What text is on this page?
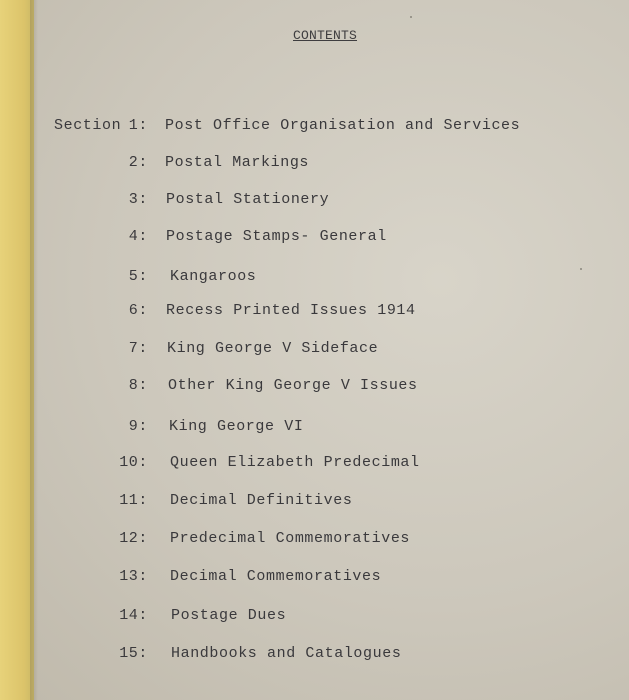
CONTENTS
Section 1: Post Office Organisation and Services
2: Postal Markings
3: Postal Stationery
4: Postage Stamps- General
5: Kangaroos
6: Recess Printed Issues 1914
7: King George V Sideface
8: Other King George V Issues
9: King George VI
10: Queen Elizabeth Predecimal
11: Decimal Definitives
12: Predecimal Commemoratives
13: Decimal Commemoratives
14: Postage Dues
15: Handbooks and Catalogues
